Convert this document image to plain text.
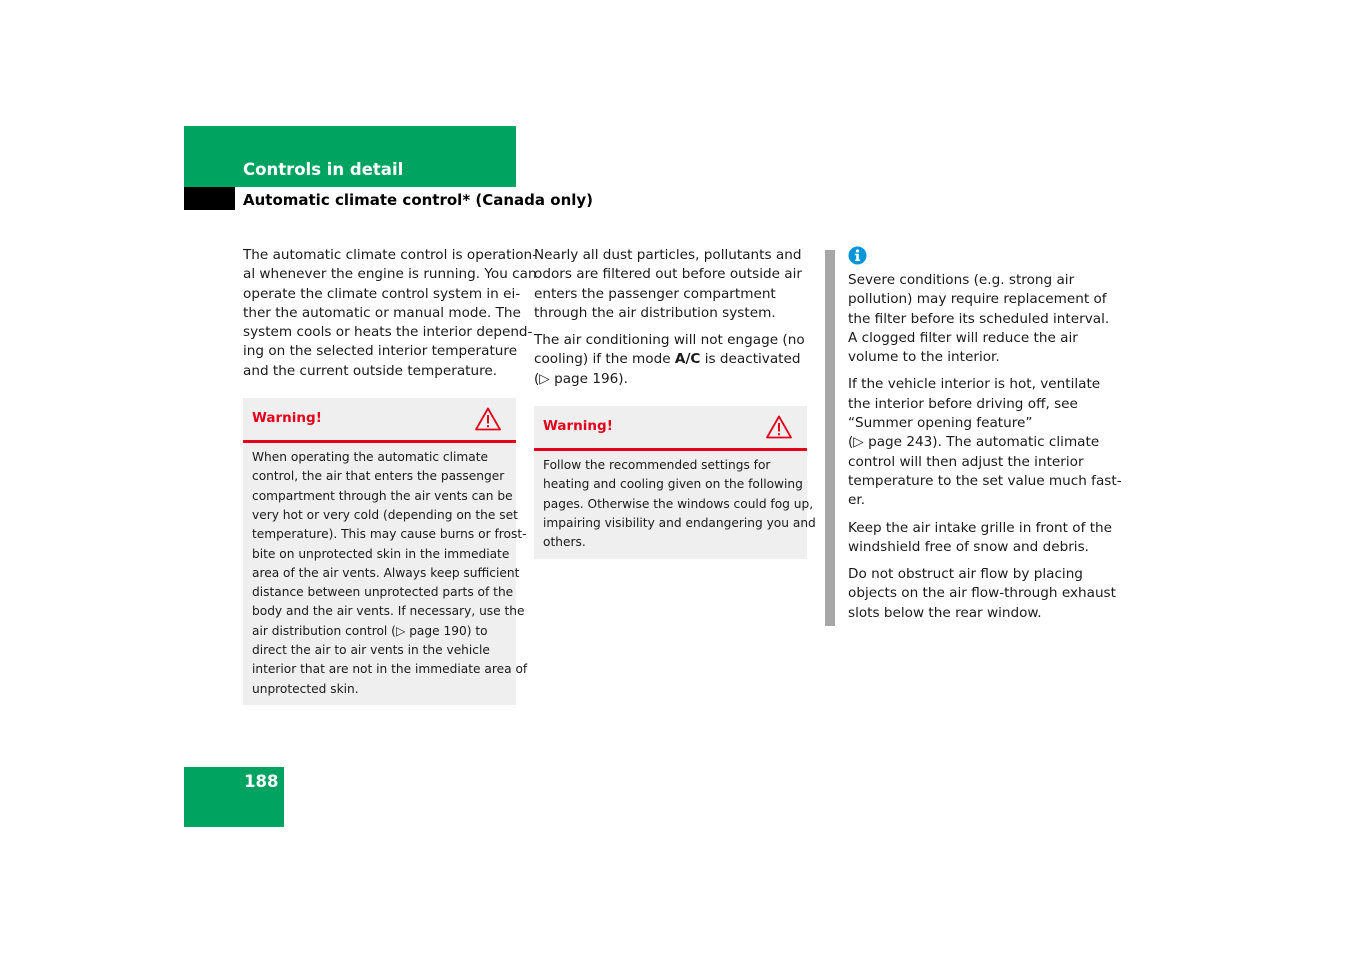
Controls in detail
Automatic climate control* (Canada only)

The automatic climate control is operation-
al whenever the engine is running. You can
operate the climate control system in ei-
ther the automatic or manual mode. The
system cools or heats the interior depend-
ing on the selected interior temperature
and the current outside temperature.

Warning!
When operating the automatic climate
control, the air that enters the passenger
compartment through the air vents can be
very hot or very cold (depending on the set
temperature). This may cause burns or frost-
bite on unprotected skin in the immediate
area of the air vents. Always keep sufficient
distance between unprotected parts of the
body and the air vents. If necessary, use the
air distribution control (▷ page 190) to
direct the air to air vents in the vehicle
interior that are not in the immediate area of
unprotected skin.

Nearly all dust particles, pollutants and
odors are filtered out before outside air
enters the passenger compartment
through the air distribution system.

The air conditioning will not engage (no
cooling) if the mode A/C is deactivated
(▷ page 196).

Warning!
Follow the recommended settings for
heating and cooling given on the following
pages. Otherwise the windows could fog up,
impairing visibility and endangering you and
others.

Severe conditions (e.g. strong air
pollution) may require replacement of
the filter before its scheduled interval.
A clogged filter will reduce the air
volume to the interior.

If the vehicle interior is hot, ventilate
the interior before driving off, see
“Summer opening feature”
(▷ page 243). The automatic climate
control will then adjust the interior
temperature to the set value much fast-
er.

Keep the air intake grille in front of the
windshield free of snow and debris.

Do not obstruct air flow by placing
objects on the air flow-through exhaust
slots below the rear window.

188
